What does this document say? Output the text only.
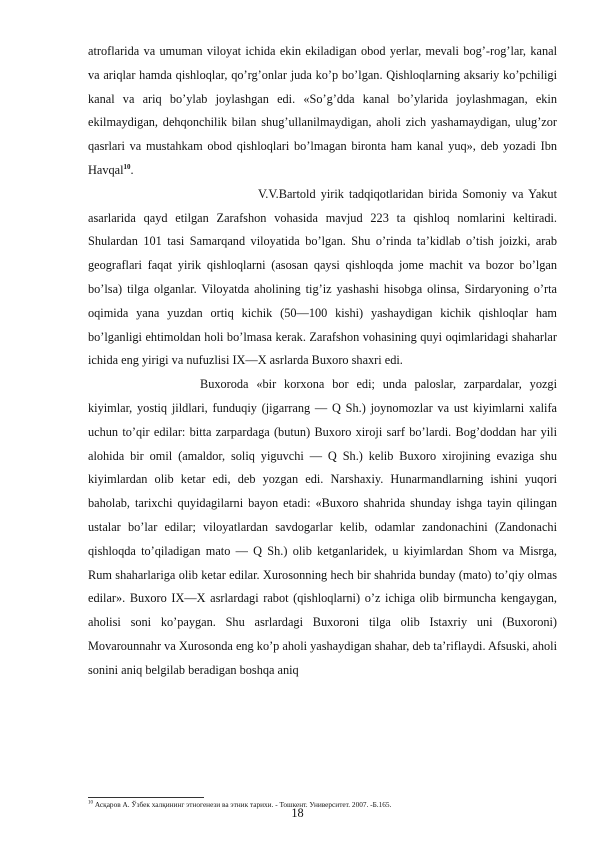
atroflarida va umuman viloyat ichida ekin ekiladigan obod yerlar, mevali bog’-rog’lar, kanal va ariqlar hamda qishloqlar, qo’rg’onlar juda ko’p bo’lgan. Qishloqlarning aksariy ko’pchiligi kanal va ariq bo’ylab joylashgan edi. «So’g’dda kanal bo’ylarida joylashmagan, ekin ekilmaydigan, dehqonchilik bilan shug’ullanilmaydigan, aholi zich yashamaydigan, ulug’zor qasrlari va mustahkam obod qishloqlari bo’lmagan bironta ham kanal yuq», deb yozadi Ibn Havqal$^{10}$.

V.V.Bartold yirik tadqiqotlaridan birida Somoniy va Yakut asarlarida qayd etilgan Zarafshon vohasida mavjud 223 ta qishloq nomlarini keltiradi. Shulardan 101 tasi Samarqand viloyatida bo’lgan. Shu o’rinda ta’kidlab o’tish joizki, arab geograflari faqat yirik qishloqlarni (asosan qaysi qishloqda jome machit va bozor bo’lgan bo’lsa) tilga olganlar. Viloyatda aholining tig’iz yashashi hisobga olinsa, Sirdaryoning o’rta oqimida yana yuzdan ortiq kichik (50—100 kishi) yashaydigan kichik qishloqlar ham bo’lganligi ehtimoldan holi bo’lmasa kerak. Zarafshon vohasining quyi oqimlaridagi shaharlar ichida eng yirigi va nufuzlisi IX—X asrlarda Buxoro shaxri edi.

Buxoroda «bir korxona bor edi; unda paloslar, zarpardalar, yozgi kiyimlar, yostiq jildlari, funduqiy (jigarrang — Q Sh.) joynomozlar va ust kiyimlarni xalifa uchun to’qir edilar: bitta zarpardaga (butun) Buxoro xiroji sarf bo’lardi. Bog’doddan har yili alohida bir omil (amaldor, soliq yiguvchi — Q Sh.) kelib Buxoro xirojining evaziga shu kiyimlardan olib ketar edi, deb yozgan edi. Narshaxiy. Hunarmandlarning ishini yuqori baholab, tarixchi quyidagilarni bayon etadi: «Buxoro shahrida shunday ishga tayin qilingan ustalar bo’lar edilar; viloyatlardan savdogarlar kelib, odamlar zandonachini (Zandonachi qishloqda to’qiladigan mato — Q Sh.) olib ketganlaridek, u kiyimlardan Shom va Misrga, Rum shaharlariga olib ketar edilar. Xurosonning hech bir shahrida bunday (mato) to’qiy olmas edilar». Buxoro IX—X asrlardagi rabot (qishloqlarni) o’z ichiga olib birmuncha kengaygan, aholisi soni ko’paygan. Shu asrlardagi Buxoroni tilga olib Istaxriy uni (Buxoroni) Movarounnahr va Xurosonda eng ko’p aholi yashaydigan shahar, deb ta’riflaydi. Afsuski, aholi sonini aniq belgilab beradigan boshqa aniq

$^{10}$ Асқаров А. Ўзбек халқининг этногенези ва этник тарихи. - Тошкент. Университет. 2007. -Б.165.
18
